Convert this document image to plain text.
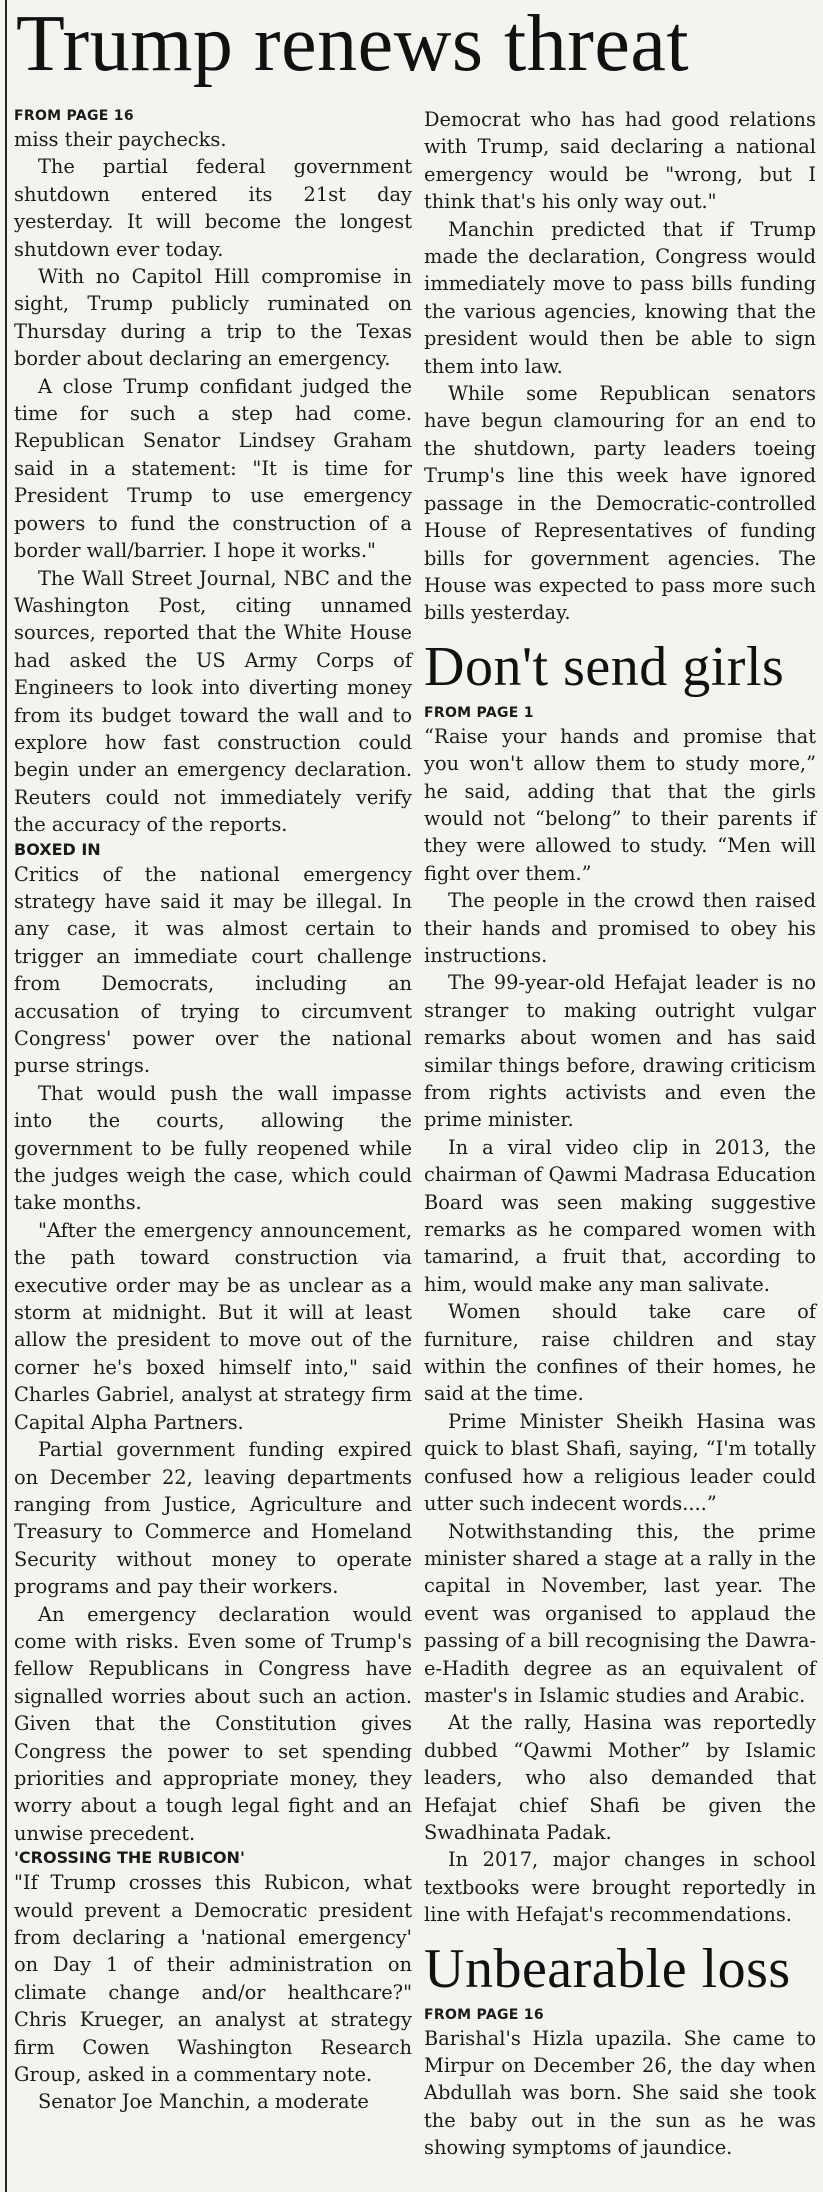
Trump renews threat
FROM PAGE 16

miss their paychecks.

The partial federal government shutdown entered its 21st day yesterday. It will become the longest shutdown ever today.

With no Capitol Hill compromise in sight, Trump publicly ruminated on Thursday during a trip to the Texas border about declaring an emergency.

A close Trump confidant judged the time for such a step had come. Republican Senator Lindsey Graham said in a statement: "It is time for President Trump to use emergency powers to fund the construction of a border wall/barrier. I hope it works."

The Wall Street Journal, NBC and the Washington Post, citing unnamed sources, reported that the White House had asked the US Army Corps of Engineers to look into diverting money from its budget toward the wall and to explore how fast construction could begin under an emergency declaration. Reuters could not immediately verify the accuracy of the reports.

BOXED IN

Critics of the national emergency strategy have said it may be illegal. In any case, it was almost certain to trigger an immediate court challenge from Democrats, including an accusation of trying to circumvent Congress' power over the national purse strings.

That would push the wall impasse into the courts, allowing the government to be fully reopened while the judges weigh the case, which could take months.

"After the emergency announcement, the path toward construction via executive order may be as unclear as a storm at midnight. But it will at least allow the president to move out of the corner he's boxed himself into," said Charles Gabriel, analyst at strategy firm Capital Alpha Partners.

Partial government funding expired on December 22, leaving departments ranging from Justice, Agriculture and Treasury to Commerce and Homeland Security without money to operate programs and pay their workers.

An emergency declaration would come with risks. Even some of Trump's fellow Republicans in Congress have signalled worries about such an action. Given that the Constitution gives Congress the power to set spending priorities and appropriate money, they worry about a tough legal fight and an unwise precedent.

'CROSSING THE RUBICON'

"If Trump crosses this Rubicon, what would prevent a Democratic president from declaring a 'national emergency' on Day 1 of their administration on climate change and/or healthcare?" Chris Krueger, an analyst at strategy firm Cowen Washington Research Group, asked in a commentary note.

Senator Joe Manchin, a moderate

Democrat who has had good relations with Trump, said declaring a national emergency would be "wrong, but I think that's his only way out."

Manchin predicted that if Trump made the declaration, Congress would immediately move to pass bills funding the various agencies, knowing that the president would then be able to sign them into law.

While some Republican senators have begun clamouring for an end to the shutdown, party leaders toeing Trump's line this week have ignored passage in the Democratic-controlled House of Representatives of funding bills for government agencies. The House was expected to pass more such bills yesterday.

Don't send girls
FROM PAGE 1

“Raise your hands and promise that you won't allow them to study more,” he said, adding that that the girls would not “belong” to their parents if they were allowed to study. “Men will fight over them.”

The people in the crowd then raised their hands and promised to obey his instructions.

The 99-year-old Hefajat leader is no stranger to making outright vulgar remarks about women and has said similar things before, drawing criticism from rights activists and even the prime minister.

In a viral video clip in 2013, the chairman of Qawmi Madrasa Education Board was seen making suggestive remarks as he compared women with tamarind, a fruit that, according to him, would make any man salivate.

Women should take care of furniture, raise children and stay within the confines of their homes, he said at the time.

Prime Minister Sheikh Hasina was quick to blast Shafi, saying, “I'm totally confused how a religious leader could utter such indecent words....”

Notwithstanding this, the prime minister shared a stage at a rally in the capital in November, last year. The event was organised to applaud the passing of a bill recognising the Dawra-e-Hadith degree as an equivalent of master's in Islamic studies and Arabic.

At the rally, Hasina was reportedly dubbed “Qawmi Mother” by Islamic leaders, who also demanded that Hefajat chief Shafi be given the Swadhinata Padak.

In 2017, major changes in school textbooks were brought reportedly in line with Hefajat's recommendations.

Unbearable loss
FROM PAGE 16

Barishal's Hizla upazila. She came to Mirpur on December 26, the day when Abdullah was born. She said she took the baby out in the sun as he was showing symptoms of jaundice.
